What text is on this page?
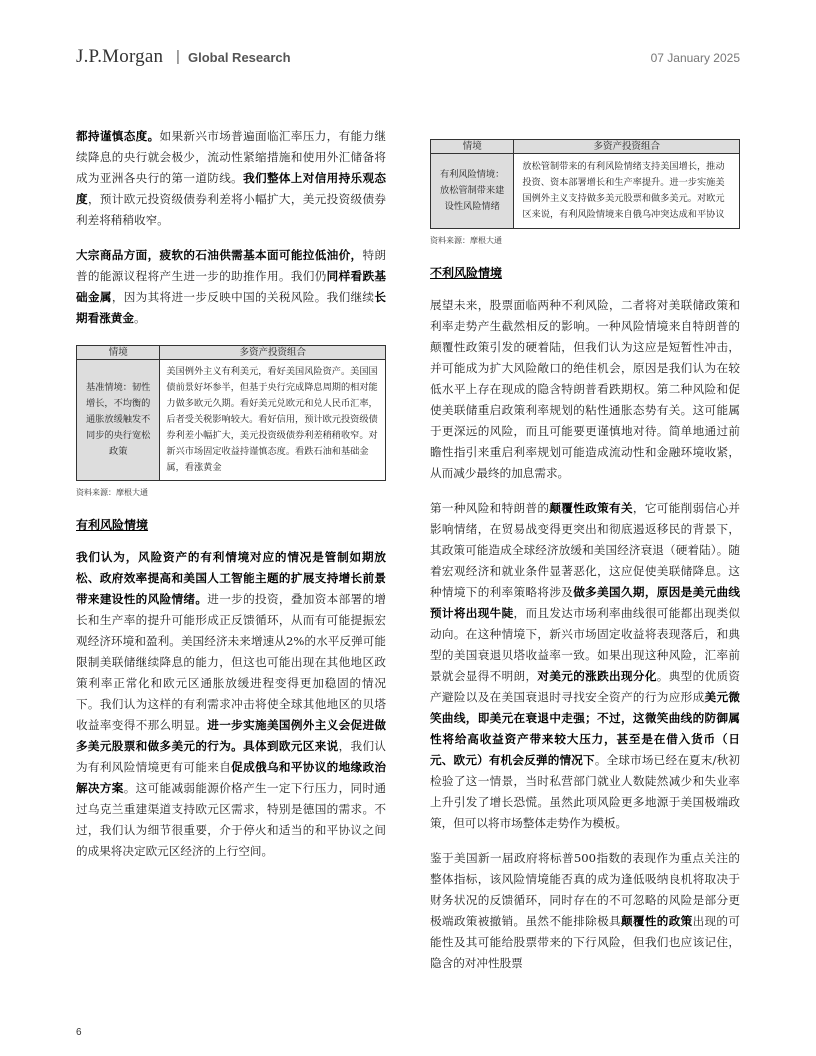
J.P.Morgan | Global Research	07 January 2025

都持谨慎态度。如果新兴市场普遍面临汇率压力，有能力继续降息的央行就会极少，流动性紧缩措施和使用外汇储备将成为亚洲各央行的第一道防线。我们整体上对信用持乐观态度，预计欧元投资级债券利差将小幅扩大，美元投资级债券利差将稍稍收窄。

大宗商品方面，疲软的石油供需基本面可能拉低油价，特朗普的能源议程将产生进一步的助推作用。我们仍同样看跌基础金属，因为其将进一步反映中国的关税风险。我们继续长期看涨黄金。

情境	多资产投资组合
基准情境：韧性增长，不均衡的通胀放缓触发不同步的央行宽松政策	美国例外主义有利美元，看好美国风险资产。美国国债前景好坏参半，但基于央行完成降息周期的相对能力做多欧元久期。看好美元兑欧元和兑人民币汇率，后者受关税影响较大。看好信用，预计欧元投资级债券利差小幅扩大，美元投资级债券利差稍稍收窄。对新兴市场固定收益持谨慎态度。看跌石油和基础金属，看涨黄金
资料来源：摩根大通
有利风险情境

我们认为，风险资产的有利情境对应的情况是管制如期放松、政府效率提高和美国人工智能主题的扩展支持增长前景带来建设性的风险情绪。进一步的投资，叠加资本部署的增长和生产率的提升可能形成正反馈循环，从而有可能提振宏观经济环境和盈利。美国经济未来增速从2%的水平反弹可能限制美联储继续降息的能力，但这也可能出现在其他地区政策利率正常化和欧元区通胀放缓进程变得更加稳固的情况下。我们认为这样的有利需求冲击将使全球其他地区的贝塔收益率变得不那么明显。进一步实施美国例外主义会促进做多美元股票和做多美元的行为。具体到欧元区来说，我们认为有利风险情境更有可能来自促成俄乌和平协议的地缘政治解决方案。这可能减弱能源价格产生一定下行压力，同时通过乌克兰重建渠道支持欧元区需求，特别是德国的需求。不过，我们认为细节很重要，介于停火和适当的和平协议之间的成果将决定欧元区经济的上行空间。

情境	多资产投资组合
有利风险情境：放松管制带来建设性风险情绪	放松管制带来的有利风险情绪支持美国增长，推动投资、资本部署增长和生产率提升。进一步实施美国例外主义支持做多美元股票和做多美元。对欧元区来说，有利风险情境来自俄乌冲突达成和平协议
资料来源：摩根大通
不利风险情境

展望未来，股票面临两种不利风险，二者将对美联储政策和利率走势产生截然相反的影响。一种风险情境来自特朗普的颠覆性政策引发的硬着陆，但我们认为这应是短暂性冲击，并可能成为扩大风险敞口的绝佳机会，原因是我们认为在较低水平上存在现成的隐含特朗普看跌期权。第二种风险和促使美联储重启政策利率规划的粘性通胀态势有关。这可能属于更深远的风险，而且可能要更谨慎地对待。简单地通过前瞻性指引来重启利率规划可能造成流动性和金融环境收紧，从而减少最终的加息需求。

第一种风险和特朗普的颠覆性政策有关，它可能削弱信心并影响情绪，在贸易战变得更突出和彻底遏返移民的背景下，其政策可能造成全球经济放缓和美国经济衰退（硬着陆）。随着宏观经济和就业条件显著恶化，这应促使美联储降息。这种情境下的利率策略将涉及做多美国久期，原因是美元曲线预计将出现牛陡，而且发达市场利率曲线很可能都出现类似动向。在这种情境下，新兴市场固定收益将表现落后，和典型的美国衰退贝塔收益率一致。如果出现这种风险，汇率前景就会显得不明朗，对美元的涨跌出现分化。典型的优质资产避险以及在美国衰退时寻找安全资产的行为应形成美元微笑曲线，即美元在衰退中走强；不过，这微笑曲线的防御属性将给高收益资产带来较大压力，甚至是在借入货币（日元、欧元）有机会反弹的情况下。全球市场已经在夏末/秋初检验了这一情景，当时私营部门就业人数陡然减少和失业率上升引发了增长恐慌。虽然此项风险更多地源于美国极端政策，但可以将市场整体走势作为模板。

鉴于美国新一届政府将标普500指数的表现作为重点关注的整体指标，该风险情境能否真的成为逢低吸纳良机将取决于财务状况的反馈循环，同时存在的不可忽略的风险是部分更极端政策被撤销。虽然不能排除极具颠覆性的政策出现的可能性及其可能给股票带来的下行风险，但我们也应该记住，隐含的对冲性股票

6
